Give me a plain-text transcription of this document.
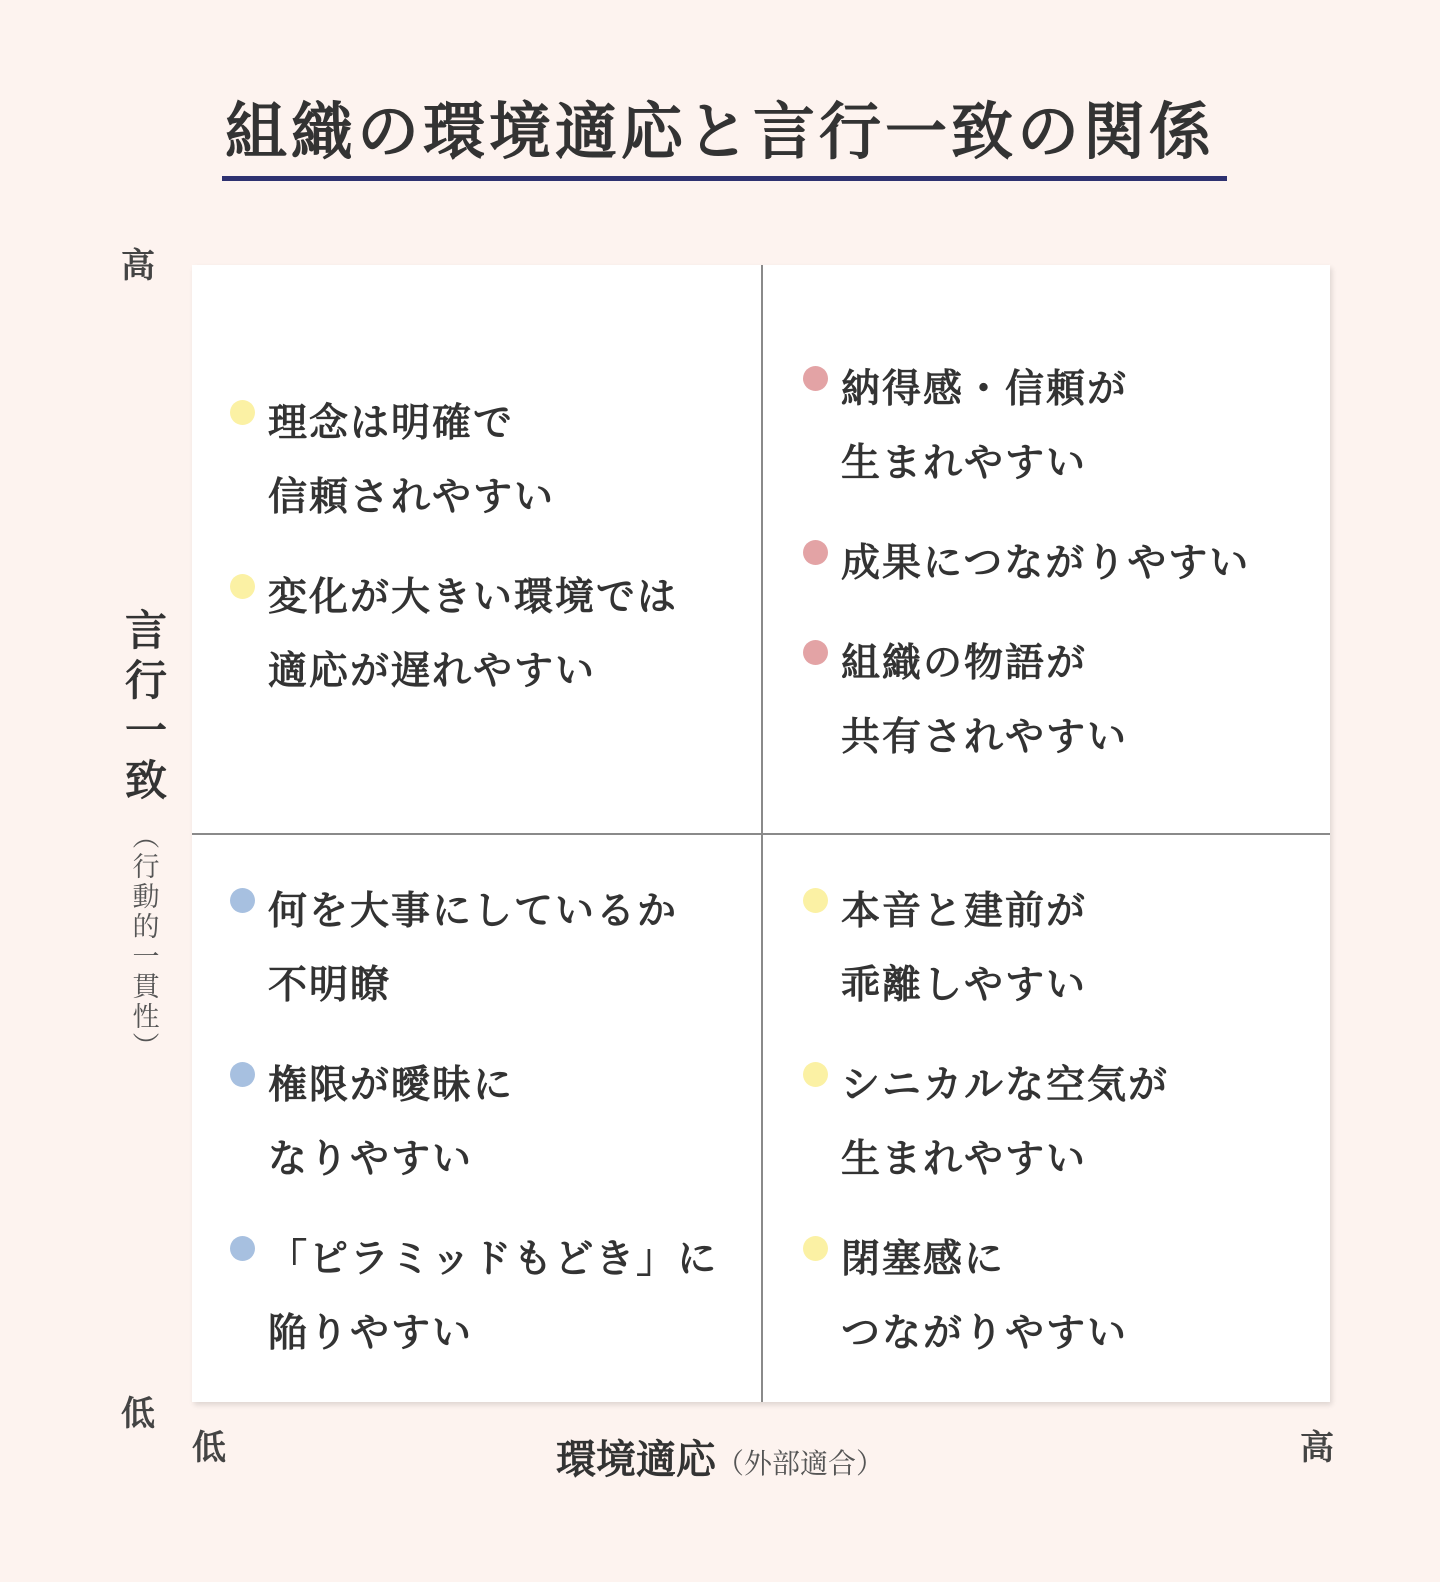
組織の環境適応と言行一致の関係
高
低
言行一致
（行動的一貫性）
理念は明確で
信頼されやすい
変化が大きい環境では
適応が遅れやすい
納得感・信頼が
生まれやすい
成果につながりやすい
組織の物語が
共有されやすい
何を大事にしているか
不明瞭
権限が曖昧に
なりやすい
「ピラミッドもどき」に
陥りやすい
本音と建前が
乖離しやすい
シニカルな空気が
生まれやすい
閉塞感に
つながりやすい
低	高
環境適応（外部適合）
